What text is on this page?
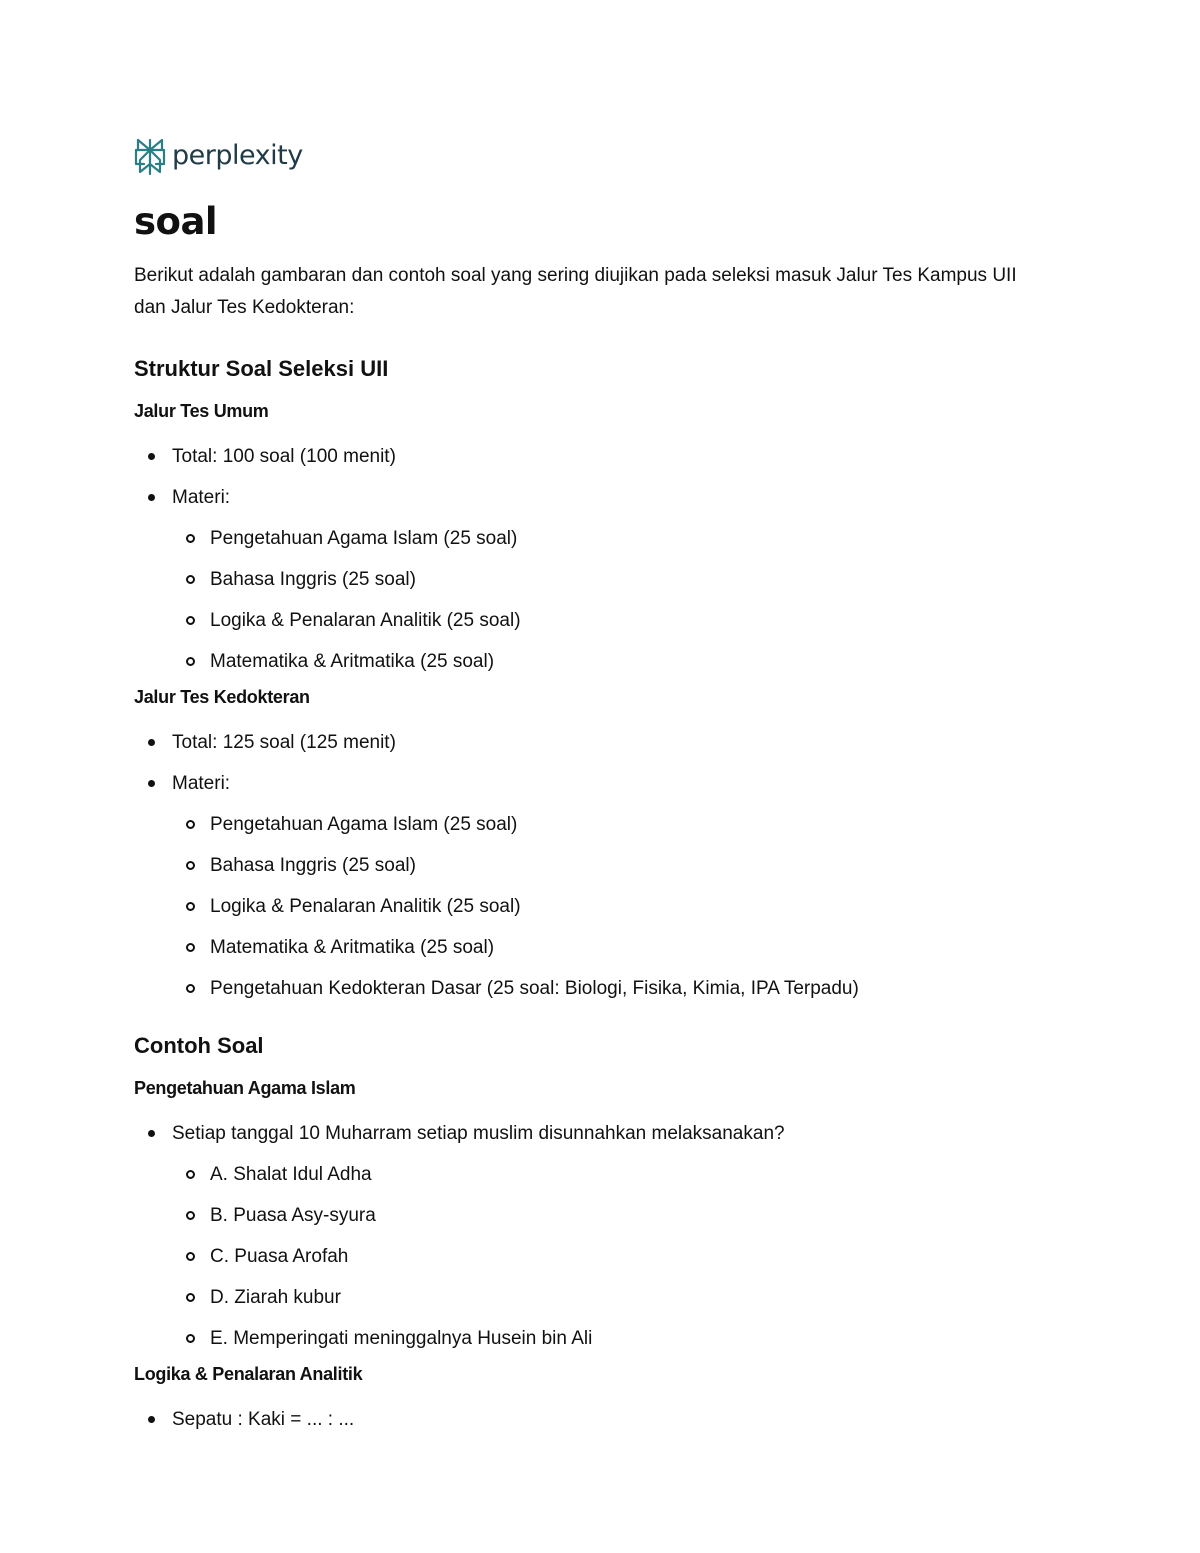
perplexity
soal

Berikut adalah gambaran dan contoh soal yang sering diujikan pada seleksi masuk Jalur Tes Kampus UII dan Jalur Tes Kedokteran:

Struktur Soal Seleksi UII
Jalur Tes Umum
Total: 100 soal (100 menit)
Materi:
Pengetahuan Agama Islam (25 soal)
Bahasa Inggris (25 soal)
Logika & Penalaran Analitik (25 soal)
Matematika & Aritmatika (25 soal)
Jalur Tes Kedokteran
Total: 125 soal (125 menit)
Materi:
Pengetahuan Agama Islam (25 soal)
Bahasa Inggris (25 soal)
Logika & Penalaran Analitik (25 soal)
Matematika & Aritmatika (25 soal)
Pengetahuan Kedokteran Dasar (25 soal: Biologi, Fisika, Kimia, IPA Terpadu)
Contoh Soal
Pengetahuan Agama Islam
Setiap tanggal 10 Muharram setiap muslim disunnahkan melaksanakan?
A. Shalat Idul Adha
B. Puasa Asy-syura
C. Puasa Arofah
D. Ziarah kubur
E. Memperingati meninggalnya Husein bin Ali
Logika & Penalaran Analitik
Sepatu : Kaki = ... : ...
